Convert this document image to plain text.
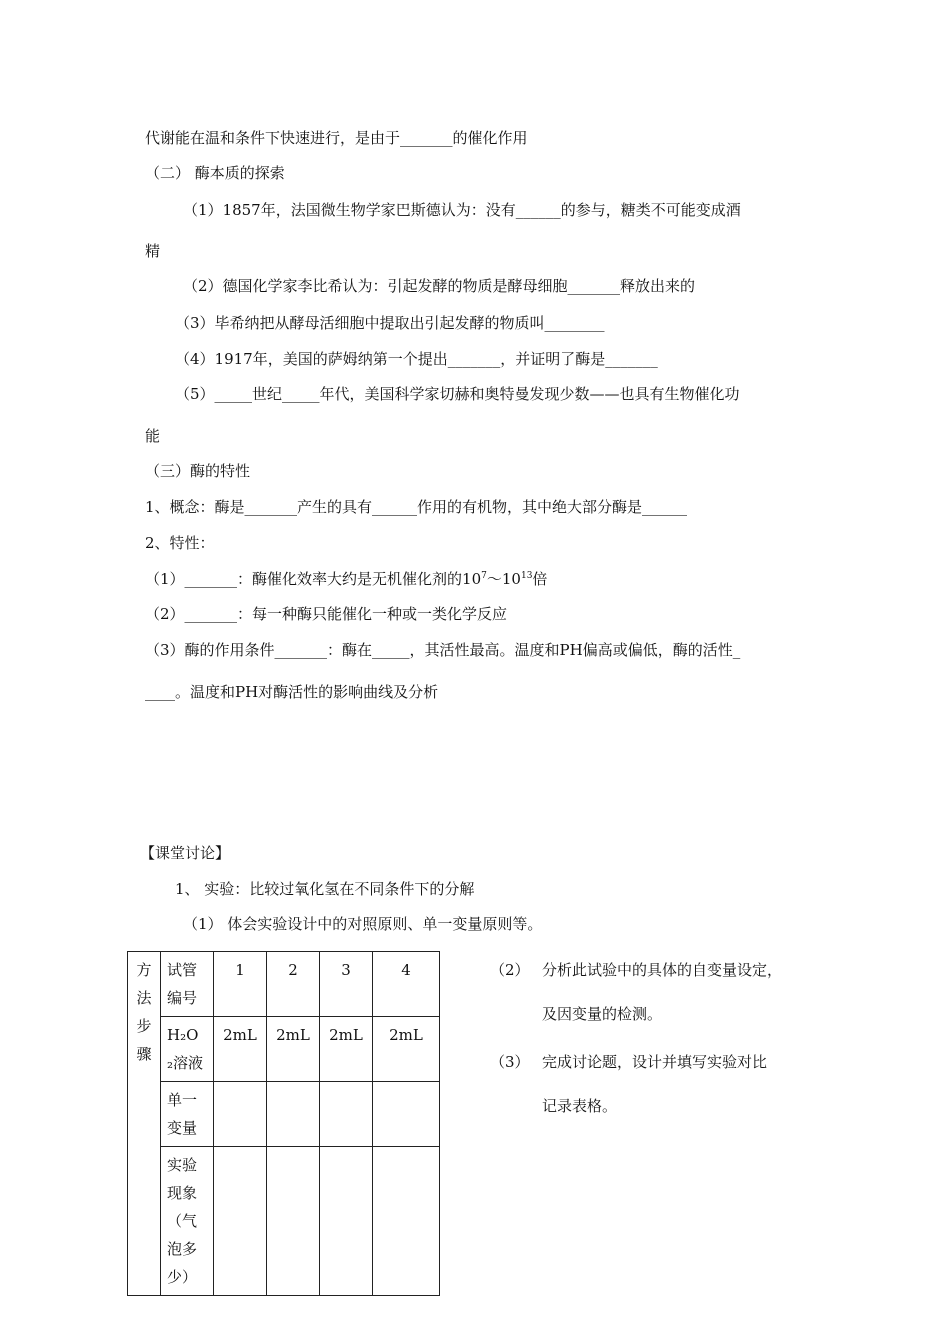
代谢能在温和条件下快速进行，是由于_______的催化作用
（二） 酶本质的探索
（1）1857年，法国微生物学家巴斯德认为：没有______的参与，糖类不可能变成酒
精
（2）德国化学家李比希认为：引起发酵的物质是酵母细胞_______释放出来的
（3）毕希纳把从酵母活细胞中提取出引起发酵的物质叫________
（4）1917年，美国的萨姆纳第一个提出_______，并证明了酶是_______
（5）_____世纪_____年代，美国科学家切赫和奥特曼发现少数——也具有生物催化功
能
（三）酶的特性
1、概念：酶是_______产生的具有______作用的有机物，其中绝大部分酶是______
2、特性：
（1）_______：酶催化效率大约是无机催化剂的$10^7\sim 10^{13}$倍
（2）_______：每一种酶只能催化一种或一类化学反应
（3）酶的作用条件_______：酶在_____，其活性最高。温度和PH偏高或偏低，酶的活性_
____。温度和PH对酶活性的影响曲线及分析
【课堂讨论】
1、 实验：比较过氧化氢在不同条件下的分解
（1） 体会实验设计中的对照原则、单一变量原则等。
方法步骤	试管编号	1	2	3	4

	H₂O₂溶液	2mL	2mL	2mL	2mL

	单一变量				

	实验现象（气泡多少）				

（2） 分析此试验中的具体的自变量设定，
及因变量的检测。
（3） 完成讨论题，设计并填写实验对比
记录表格。
